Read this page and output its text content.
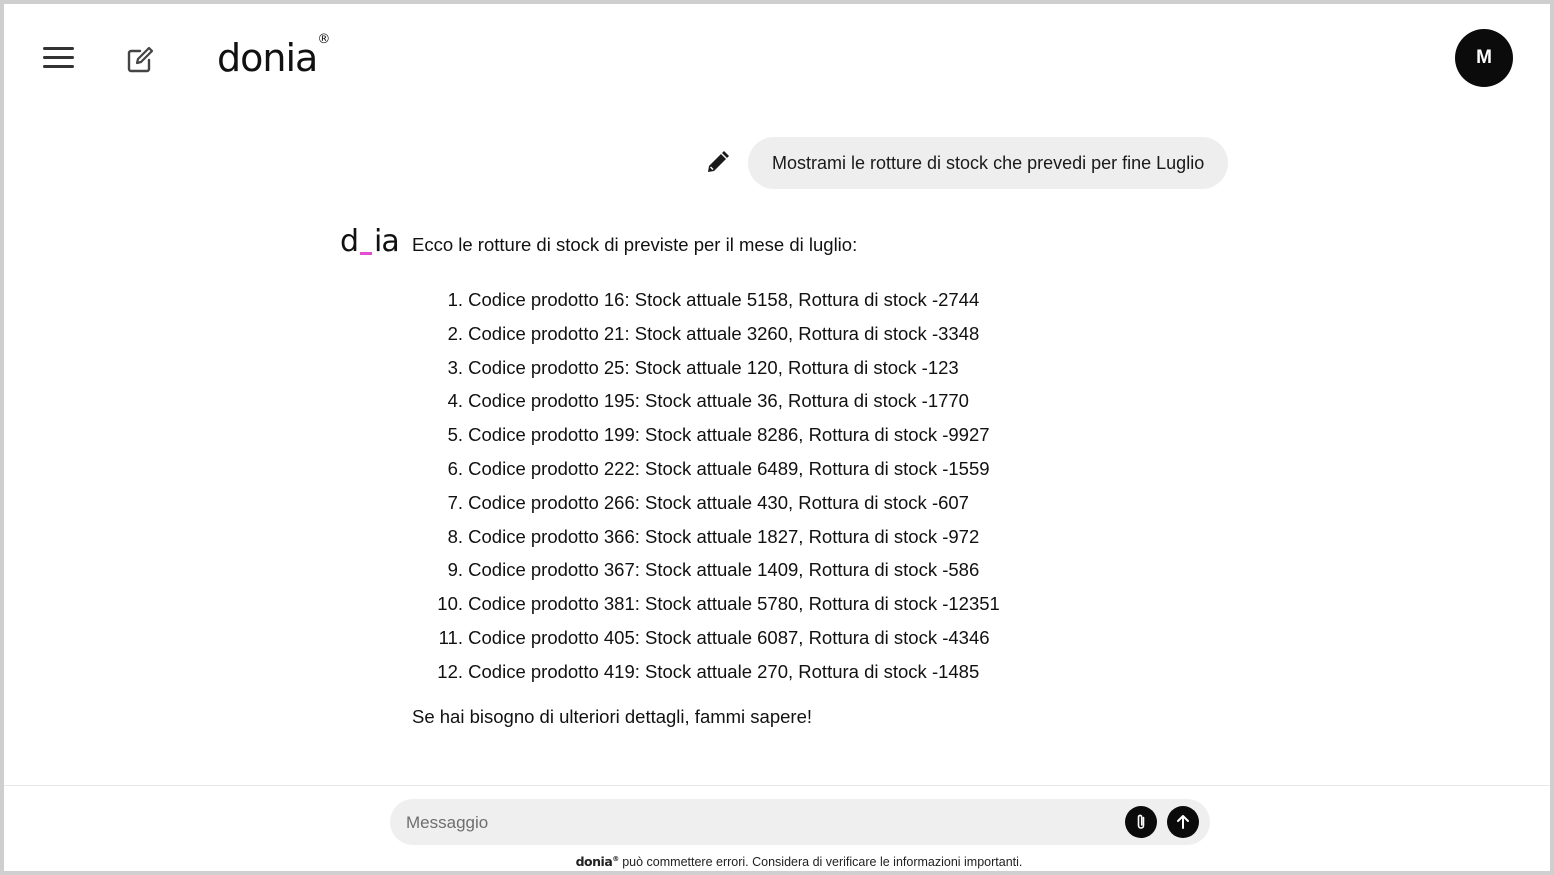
donia®
M
Mostrami le rotture di stock che prevedi per fine Luglio
d ia Ecco le rotture di stock di previste per il mese di luglio:
1.
Codice prodotto 16: Stock attuale 5158, Rottura di stock -2744
2.
Codice prodotto 21: Stock attuale 3260, Rottura di stock -3348
3.
Codice prodotto 25: Stock attuale 120, Rottura di stock -123
4.
Codice prodotto 195: Stock attuale 36, Rottura di stock -1770
5.
Codice prodotto 199: Stock attuale 8286, Rottura di stock -9927
6.
Codice prodotto 222: Stock attuale 6489, Rottura di stock -1559
7.
Codice prodotto 266: Stock attuale 430, Rottura di stock -607
8.
Codice prodotto 366: Stock attuale 1827, Rottura di stock -972
9.
Codice prodotto 367: Stock attuale 1409, Rottura di stock -586
10.
Codice prodotto 381: Stock attuale 5780, Rottura di stock -12351
11.
Codice prodotto 405: Stock attuale 6087, Rottura di stock -4346
12.
Codice prodotto 419: Stock attuale 270, Rottura di stock -1485
Se hai bisogno di ulteriori dettagli, fammi sapere!
Messaggio
donia® può commettere errori. Considera di verificare le informazioni importanti.
